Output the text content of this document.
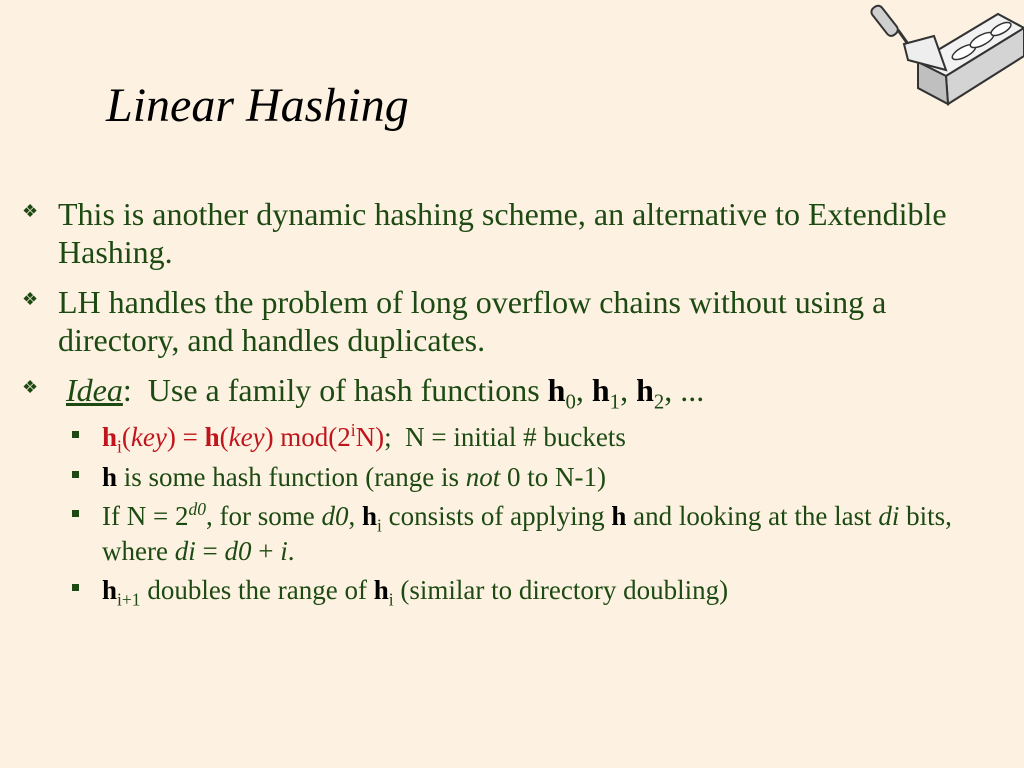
Linear Hashing
❖ This is another dynamic hashing scheme, an alternative to Extendible Hashing.
❖ LH handles the problem of long overflow chains without using a directory, and handles duplicates.
❖ Idea: Use a family of hash functions $h_0$, $h_1$, $h_2$, ...
$h_i(key) = h(key)$ mod(2$^i$N);  N = initial # buckets
h is some hash function (range is not 0 to N-1)
If $N = 2^{d0}$, for some d0, $h_i$ consists of applying h and looking at the last di bits, where di = d0 + i.
$h_{i+1}$ doubles the range of $h_i$ (similar to directory doubling)
